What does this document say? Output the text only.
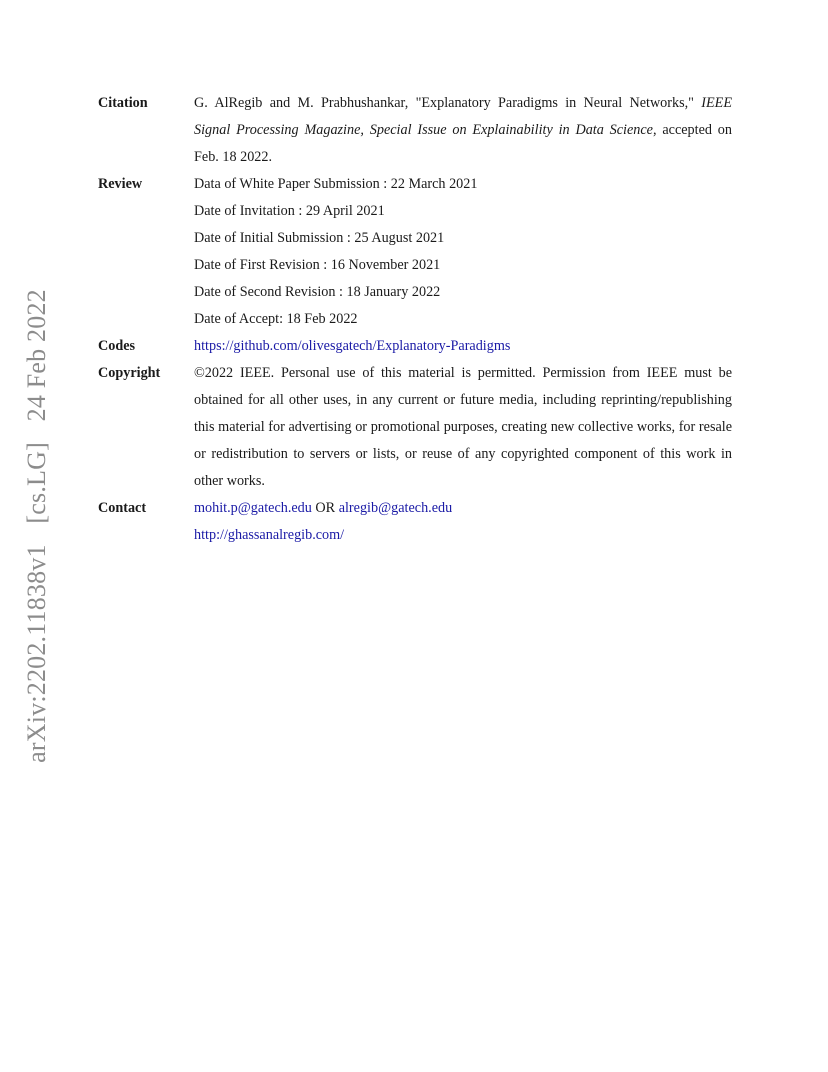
arXiv:2202.11838v1 [cs.LG] 24 Feb 2022
Citation	G. AlRegib and M. Prabhushankar, "Explanatory Paradigms in Neural Networks," IEEE Signal Processing Magazine, Special Issue on Explainability in Data Science, accepted on Feb. 18 2022.
Review	Data of White Paper Submission : 22 March 2021
Date of Invitation : 29 April 2021
Date of Initial Submission : 25 August 2021
Date of First Revision : 16 November 2021
Date of Second Revision : 18 January 2022
Date of Accept: 18 Feb 2022
Codes	https://github.com/olivesgatech/Explanatory-Paradigms
Copyright	©2022 IEEE. Personal use of this material is permitted. Permission from IEEE must be obtained for all other uses, in any current or future media, including reprinting/republishing this material for advertising or promotional purposes, creating new collective works, for resale or redistribution to servers or lists, or reuse of any copyrighted component of this work in other works.
Contact	mohit.p@gatech.edu OR alregib@gatech.edu
http://ghassanalregib.com/
